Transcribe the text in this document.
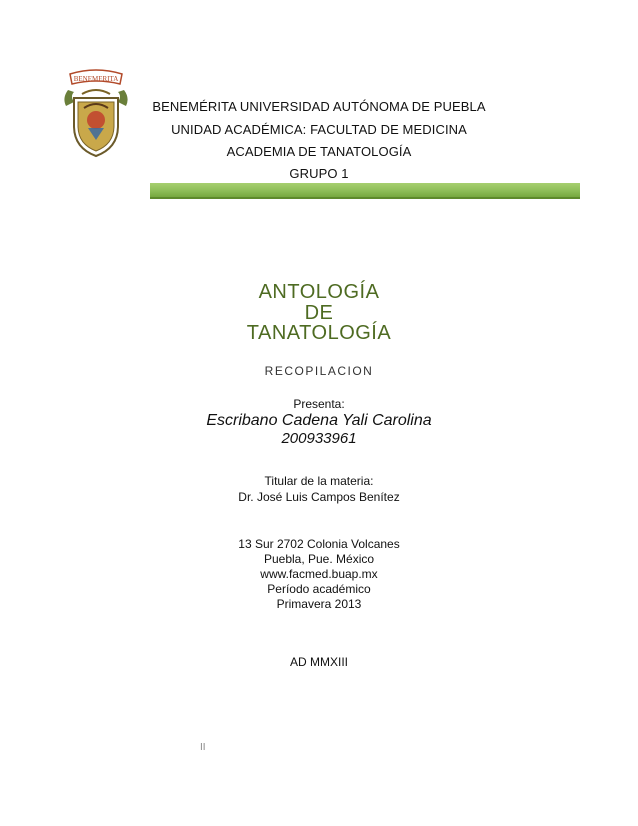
BENEMERITA
BENEMÉRITA UNIVERSIDAD AUTÓNOMA DE PUEBLA
UNIDAD ACADÉMICA: FACULTAD DE MEDICINA
ACADEMIA DE TANATOLOGÍA
GRUPO 1
ANTOLOGÍA
DE
TANATOLOGÍA
RECOPILACION
Presenta:
Escribano Cadena Yali Carolina
200933961
Titular de la materia:
Dr. José Luis Campos Benítez
13 Sur 2702 Colonia Volcanes
Puebla, Pue. México
www.facmed.buap.mx
Período académico
Primavera 2013
AD MMXIII
II
